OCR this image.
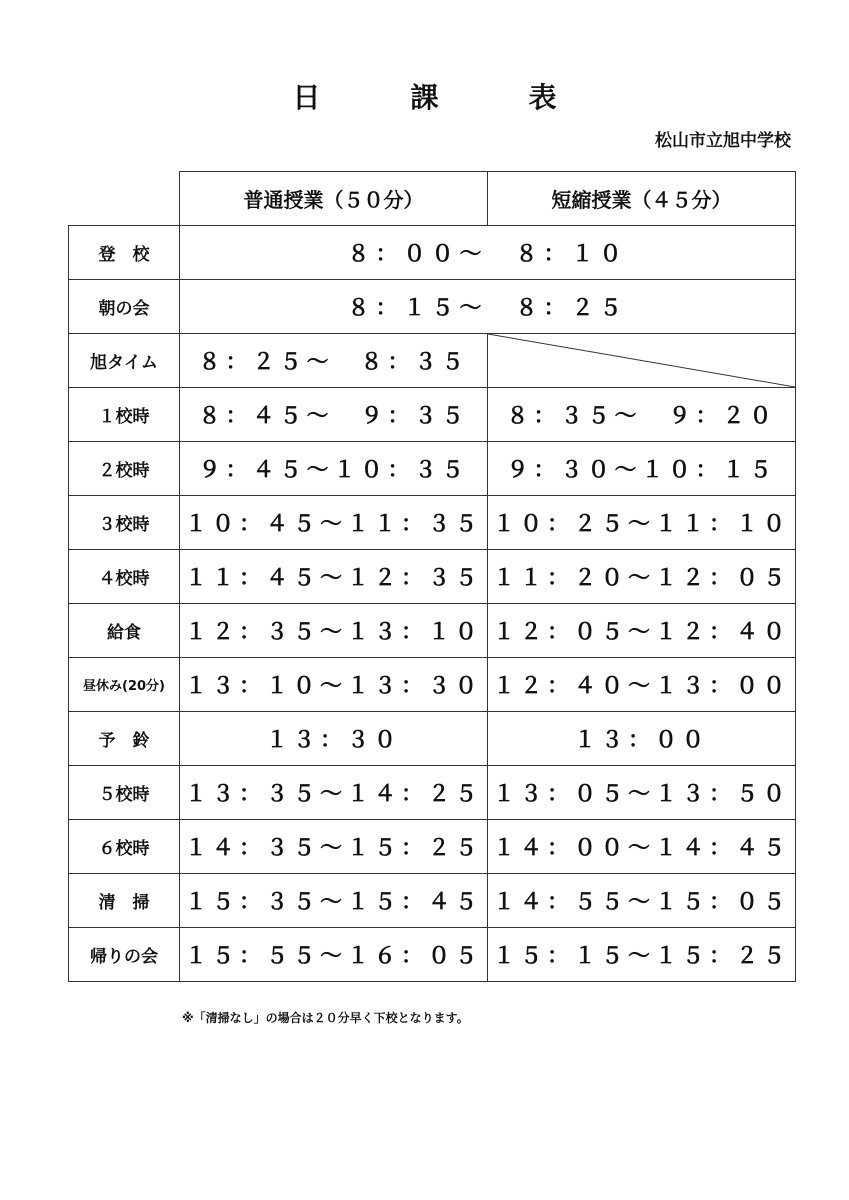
日	課	表
松山市立旭中学校
	普通授業（５０分）	短縮授業（４５分）
登　校	８：００～　８：１０	
朝の会	８：１５～　８：２５	
旭タイム	８：２５～　８：３５	

１校時	８：４５～　９：３５	８：３５～　９：２０
２校時	９：４５～１０：３５	９：３０～１０：１５
３校時	１０：４５～１１：３５	１０：２５～１１：１０
４校時	１１：４５～１２：３５	１１：２０～１２：０５
給食	１２：３５～１３：１０	１２：０５～１２：４０
昼休み(20分)	１３：１０～１３：３０	１２：４０～１３：００
予　鈴	１３：３０	１３：００
５校時	１３：３５～１４：２５	１３：０５～１３：５０
６校時	１４：３５～１５：２５	１４：００～１４：４５
清　掃	１５：３５～１５：４５	１４：５５～１５：０５
帰りの会	１５：５５～１６：０５	１５：１５～１５：２５
※「清掃なし」の場合は２０分早く下校となります。
